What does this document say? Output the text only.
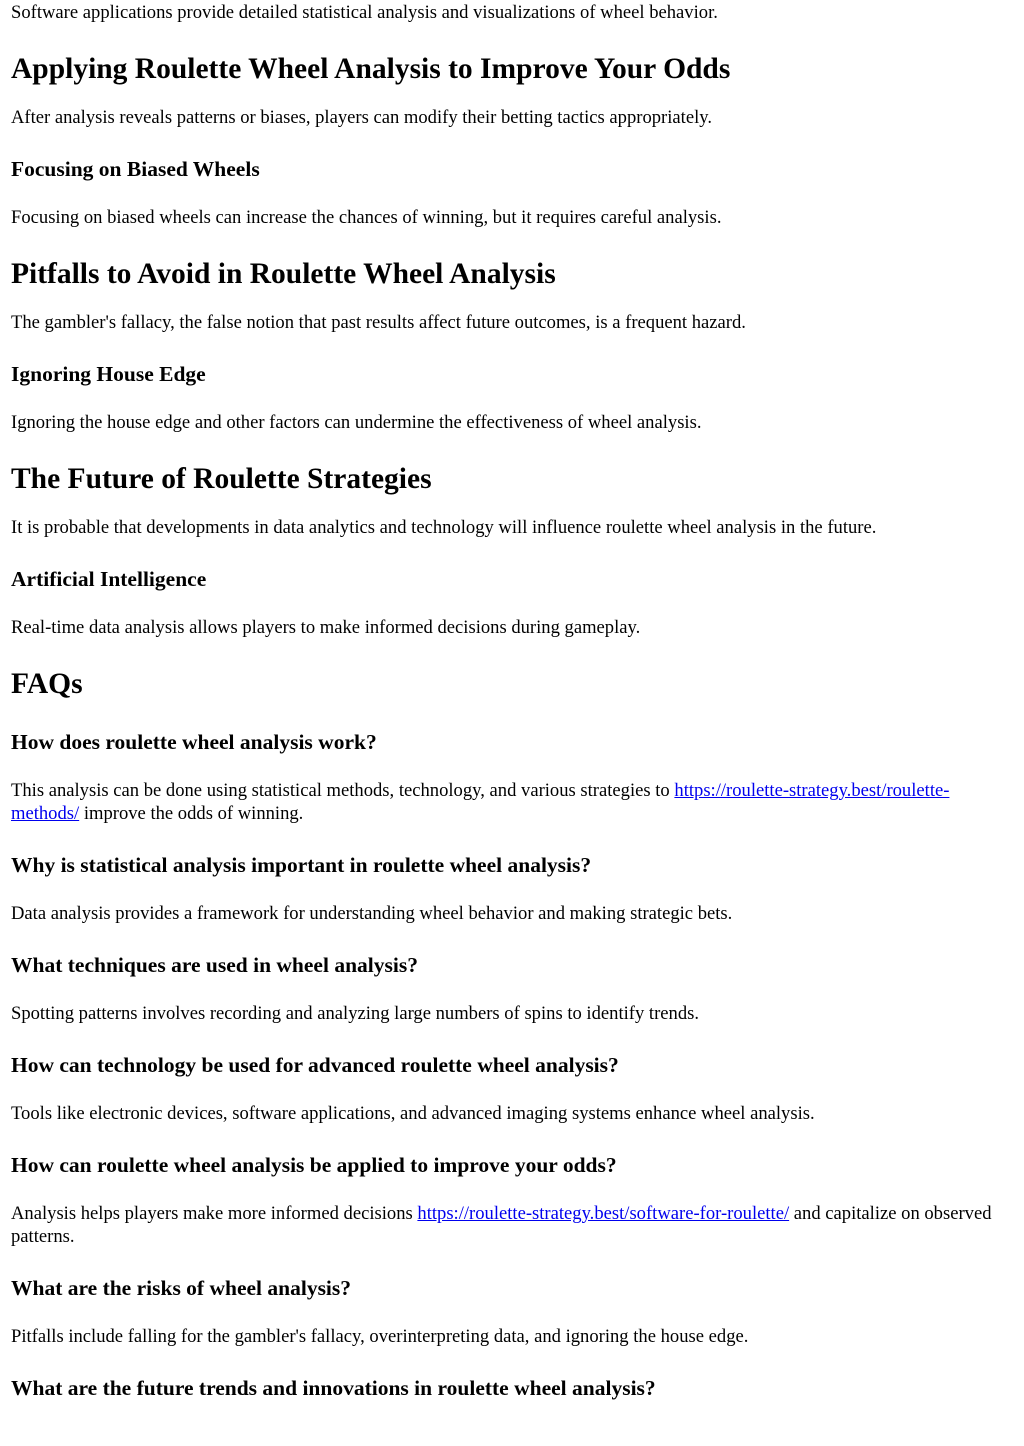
Software applications provide detailed statistical analysis and visualizations of wheel behavior.

Applying Roulette Wheel Analysis to Improve Your Odds

After analysis reveals patterns or biases, players can modify their betting tactics appropriately.

Focusing on Biased Wheels

Focusing on biased wheels can increase the chances of winning, but it requires careful analysis.

Pitfalls to Avoid in Roulette Wheel Analysis

The gambler's fallacy, the false notion that past results affect future outcomes, is a frequent hazard.

Ignoring House Edge

Ignoring the house edge and other factors can undermine the effectiveness of wheel analysis.

The Future of Roulette Strategies

It is probable that developments in data analytics and technology will influence roulette wheel analysis in the future.

Artificial Intelligence

Real-time data analysis allows players to make informed decisions during gameplay.

FAQs
How does roulette wheel analysis work?

This analysis can be done using statistical methods, technology, and various strategies to https://roulette-strategy.best/roulette-methods/ improve the odds of winning.

Why is statistical analysis important in roulette wheel analysis?

Data analysis provides a framework for understanding wheel behavior and making strategic bets.

What techniques are used in wheel analysis?

Spotting patterns involves recording and analyzing large numbers of spins to identify trends.

How can technology be used for advanced roulette wheel analysis?

Tools like electronic devices, software applications, and advanced imaging systems enhance wheel analysis.

How can roulette wheel analysis be applied to improve your odds?

Analysis helps players make more informed decisions https://roulette-strategy.best/software-for-roulette/ and capitalize on observed patterns.

What are the risks of wheel analysis?

Pitfalls include falling for the gambler's fallacy, overinterpreting data, and ignoring the house edge.

What are the future trends and innovations in roulette wheel analysis?
